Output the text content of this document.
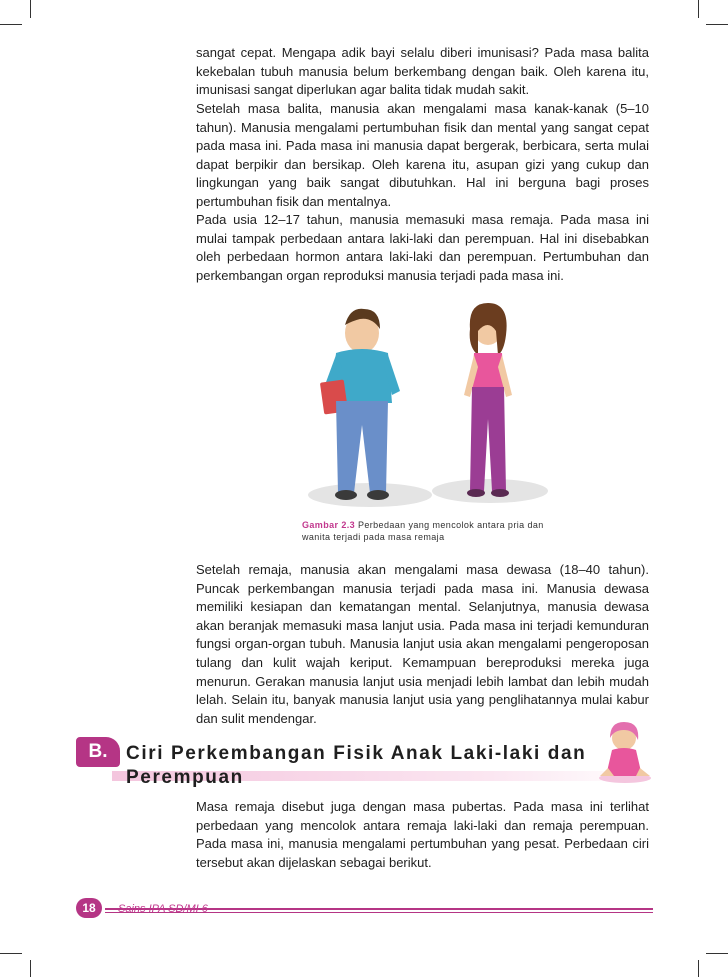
sangat cepat. Mengapa adik bayi selalu diberi imunisasi? Pada masa balita kekebalan tubuh manusia belum berkembang dengan baik. Oleh karena itu, imunisasi sangat diperlukan agar balita tidak mudah sakit.

Setelah masa balita, manusia akan mengalami masa kanak-kanak (5–10 tahun). Manusia mengalami pertumbuhan fisik dan mental yang sangat cepat pada masa ini. Pada masa ini manusia dapat bergerak, berbicara, serta mulai dapat berpikir dan bersikap. Oleh karena itu, asupan gizi yang cukup dan lingkungan yang baik sangat dibutuhkan. Hal ini berguna bagi proses pertumbuhan fisik dan mentalnya.

Pada usia 12–17 tahun, manusia memasuki masa remaja. Pada masa ini mulai tampak perbedaan antara laki-laki dan perempuan. Hal ini disebabkan oleh perbedaan hormon antara laki-laki dan perempuan. Pertumbuhan dan perkembangan organ reproduksi manusia terjadi pada masa ini.

Gambar 2.3 Perbedaan yang mencolok antara pria dan wanita terjadi pada masa remaja

Setelah remaja, manusia akan mengalami masa dewasa (18–40 tahun). Puncak perkembangan manusia terjadi pada masa ini. Manusia dewasa memiliki kesiapan dan kematangan mental. Selanjutnya, manusia dewasa akan beranjak memasuki masa lanjut usia. Pada masa ini terjadi kemunduran fungsi organ-organ tubuh. Manusia lanjut usia akan mengalami pengeroposan tulang dan kulit wajah keriput. Kemampuan bereproduksi mereka juga menurun. Gerakan manusia lanjut usia menjadi lebih lambat dan lebih mudah lelah. Selain itu, banyak manusia lanjut usia yang penglihatannya mulai kabur dan sulit mendengar.

B. Ciri Perkembangan Fisik Anak Laki-laki dan Perempuan

Masa remaja disebut juga dengan masa pubertas. Pada masa ini terlihat perbedaan yang mencolok antara remaja laki-laki dan remaja perempuan. Pada masa ini, manusia mengalami pertumbuhan yang pesat. Perbedaan ciri tersebut akan dijelaskan sebagai berikut.

18	Sains IPA SD/MI 6
